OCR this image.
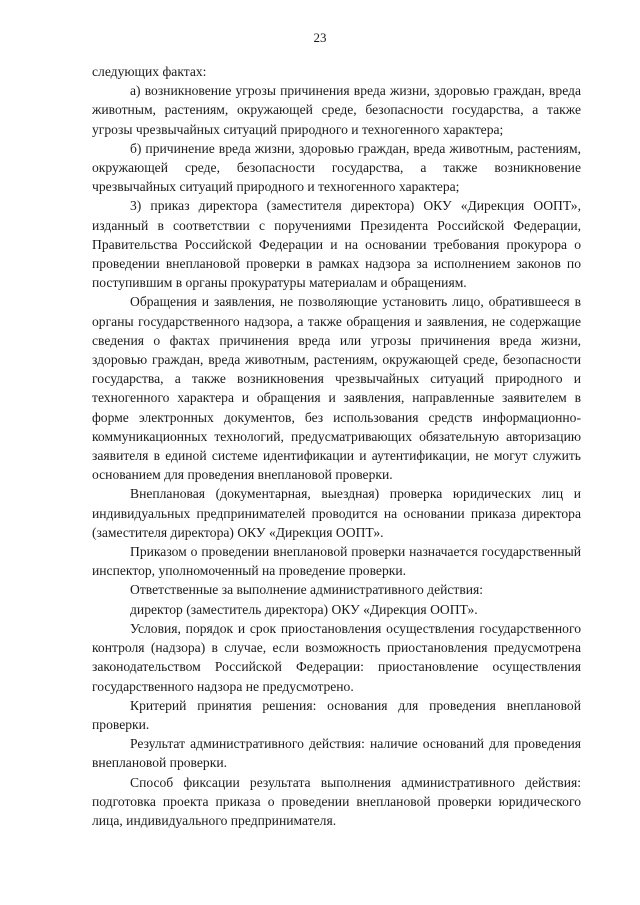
23

следующих фактах:

а) возникновение угрозы причинения вреда жизни, здоровью граждан, вреда животным, растениям, окружающей среде, безопасности государства, а также угрозы чрезвычайных ситуаций природного и техногенного характера;

б) причинение вреда жизни, здоровью граждан, вреда животным, растениям, окружающей среде, безопасности государства, а также возникновение чрезвычайных ситуаций природного и техногенного характера;

3) приказ директора (заместителя директора) ОКУ «Дирекция ООПТ», изданный в соответствии с поручениями Президента Российской Федерации, Правительства Российской Федерации и на основании требования прокурора о проведении внеплановой проверки в рамках надзора за исполнением законов по поступившим в органы прокуратуры материалам и обращениям.

Обращения и заявления, не позволяющие установить лицо, обратившееся в органы государственного надзора, а также обращения и заявления, не содержащие сведения о фактах причинения вреда или угрозы причинения вреда жизни, здоровью граждан, вреда животным, растениям, окружающей среде, безопасности государства, а также возникновения чрезвычайных ситуаций природного и техногенного характера и обращения и заявления, направленные заявителем в форме электронных документов, без использования средств информационно-коммуникационных технологий, предусматривающих обязательную авторизацию заявителя в единой системе идентификации и аутентификации, не могут служить основанием для проведения внеплановой проверки.

Внеплановая (документарная, выездная) проверка юридических лиц и индивидуальных предпринимателей проводится на основании приказа директора (заместителя директора) ОКУ «Дирекция ООПТ».

Приказом о проведении внеплановой проверки назначается государственный инспектор, уполномоченный на проведение проверки.

Ответственные за выполнение административного действия:

директор (заместитель директора) ОКУ «Дирекция ООПТ».

Условия, порядок и срок приостановления осуществления государственного контроля (надзора) в случае, если возможность приостановления предусмотрена законодательством Российской Федерации: приостановление осуществления государственного надзора не предусмотрено.

Критерий принятия решения: основания для проведения внеплановой проверки.

Результат административного действия: наличие оснований для проведения внеплановой проверки.

Способ фиксации результата выполнения административного действия: подготовка проекта приказа о проведении внеплановой проверки юридического лица, индивидуального предпринимателя.
